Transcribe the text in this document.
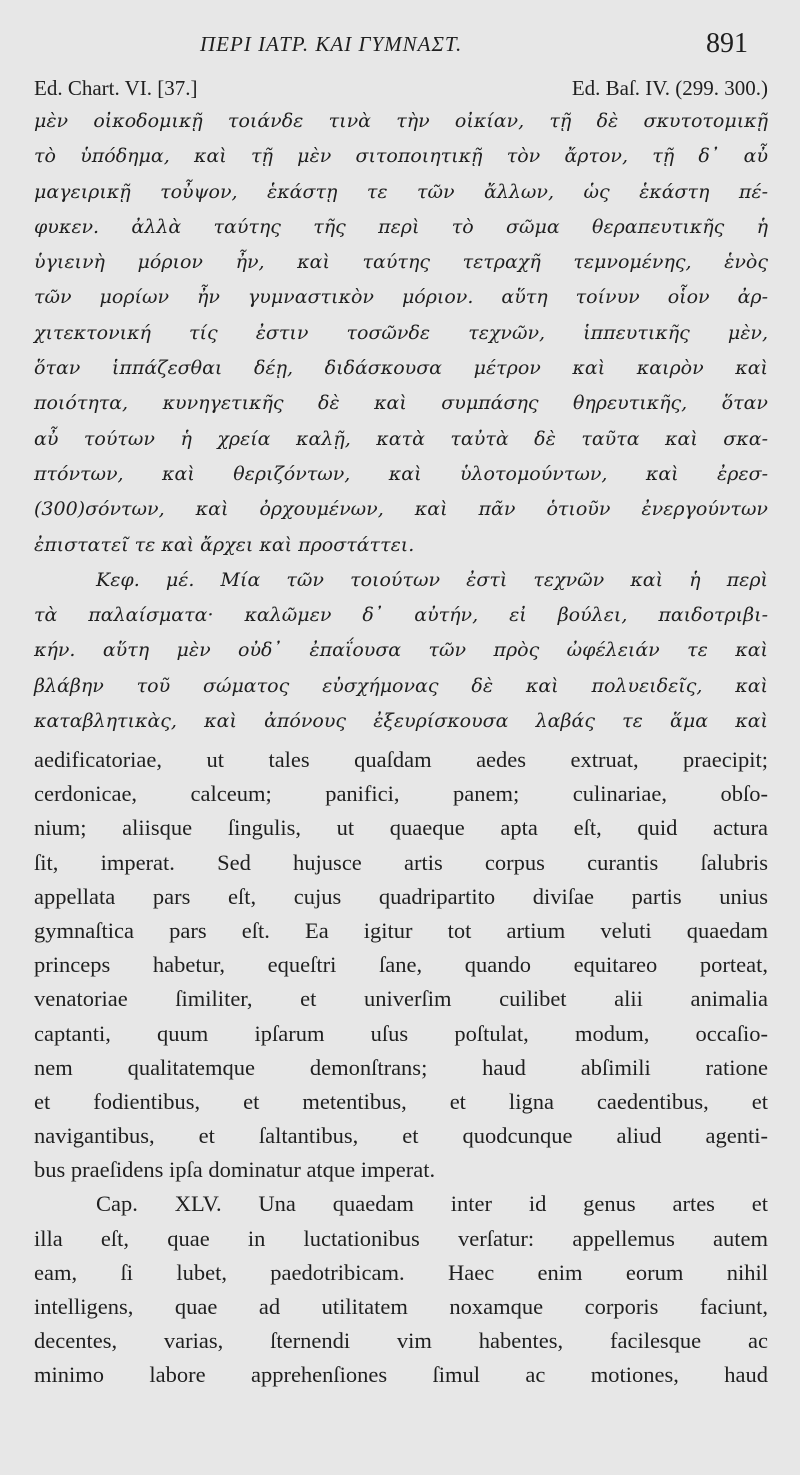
ΠΕΡΙ ΙΑΤΡ. ΚΑΙ ΓΥΜΝΑΣΤ.	891
Ed. Chart. VI. [37.]	Ed. Baſ. IV. (299. 300.)
μὲν οἰκοδομικῇ τοιάνδε τινὰ τὴν οἰκίαν, τῇ δὲ σκυτοτομικῇ
τὸ ὑπόδημα, καὶ τῇ μὲν σιτοποιητικῇ τὸν ἄρτον, τῇ δ᾽ αὖ
μαγειρικῇ τοὖψον, ἑκάστῃ τε τῶν ἄλλων, ὡς ἑκάστη πέ-
φυκεν. ἀλλὰ ταύτης τῆς περὶ τὸ σῶμα θεραπευτικῆς ἡ
ὑγιεινὴ μόριον ἦν, καὶ ταύτης τετραχῆ τεμνομένης, ἑνὸς
τῶν μορίων ἦν γυμναστικὸν μόριον. αὕτη τοίνυν οἷον ἀρ-
χιτεκτονική τίς ἐστιν τοσῶνδε τεχνῶν, ἱππευτικῆς μὲν,
ὅταν ἱππάζεσθαι δέῃ, διδάσκουσα μέτρον καὶ καιρὸν καὶ
ποιότητα, κυνηγετικῆς δὲ καὶ συμπάσης θηρευτικῆς, ὅταν
αὖ τούτων ἡ χρεία καλῇ, κατὰ ταὐτὰ δὲ ταῦτα καὶ σκα-
πτόντων, καὶ θεριζόντων, καὶ ὑλοτομούντων, καὶ ἐρεσ-
(300)σόντων, καὶ ὀρχουμένων, καὶ πᾶν ὁτιοῦν ἐνεργούντων
ἐπιστατεῖ τε καὶ ἄρχει καὶ προστάττει.
Κεφ. μέ. Μία τῶν τοιούτων ἐστὶ τεχνῶν καὶ ἡ περὶ
τὰ παλαίσματα· καλῶμεν δ᾽ αὐτήν, εἰ βούλει, παιδοτριβι-
κήν. αὕτη μὲν οὐδ᾽ ἐπαΐουσα τῶν πρὸς ὠφέλειάν τε καὶ
βλάβην τοῦ σώματος εὐσχήμονας δὲ καὶ πολυειδεῖς, καὶ
καταβλητικὰς, καὶ ἀπόνους ἐξευρίσκουσα λαβάς τε ἅμα καὶ
aedificatoriae, ut tales quaſdam aedes extruat, praecipit;
cerdonicae, calceum; panifici, panem; culinariae, obſo-
nium; aliisque ſingulis, ut quaeque apta eſt, quid actura
ſit, imperat. Sed hujusce artis corpus curantis ſalubris
appellata pars eſt, cujus quadripartito diviſae partis unius
gymnaſtica pars eſt. Ea igitur tot artium veluti quaedam
princeps habetur, equeſtri ſane, quando equitareo porteat,
venatoriae ſimiliter, et univerſim cuilibet alii animalia
captanti, quum ipſarum uſus poſtulat, modum, occaſio-
nem qualitatemque demonſtrans; haud abſimili ratione
et fodientibus, et metentibus, et ligna caedentibus, et
navigantibus, et ſaltantibus, et quodcunque aliud agenti-
bus praeſidens ipſa dominatur atque imperat.
Cap. XLV. Una quaedam inter id genus artes et
illa eſt, quae in luctationibus verſatur: appellemus autem
eam, ſi lubet, paedotribicam. Haec enim eorum nihil
intelligens, quae ad utilitatem noxamque corporis faciunt,
decentes, varias, ſternendi vim habentes, facilesque ac
minimo labore apprehenſiones ſimul ac motiones, haud
